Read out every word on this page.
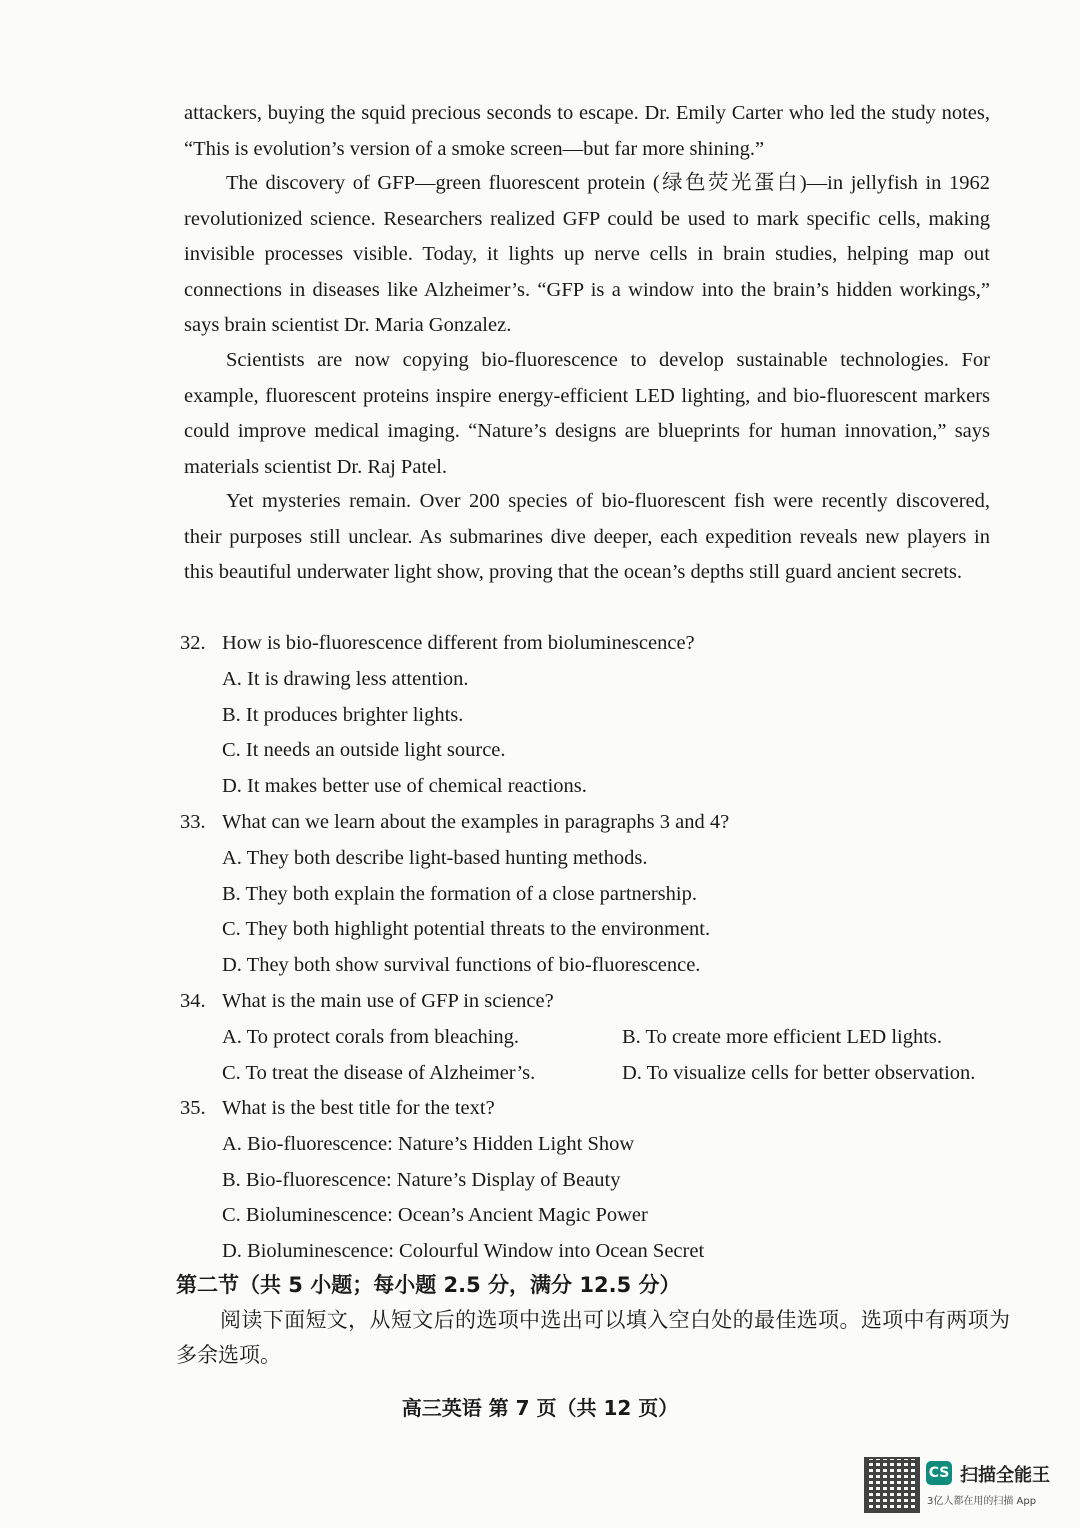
attackers, buying the squid precious seconds to escape. Dr. Emily Carter who led the study notes, “This is evolution’s version of a smoke screen—but far more shining.”
The discovery of GFP—green fluorescent protein (绿色荧光蛋白)—in jellyfish in 1962 revolutionized science. Researchers realized GFP could be used to mark specific cells, making invisible processes visible. Today, it lights up nerve cells in brain studies, helping map out connections in diseases like Alzheimer’s. “GFP is a window into the brain’s hidden workings,” says brain scientist Dr. Maria Gonzalez.
Scientists are now copying bio-fluorescence to develop sustainable technologies. For example, fluorescent proteins inspire energy-efficient LED lighting, and bio-fluorescent markers could improve medical imaging. “Nature’s designs are blueprints for human innovation,” says materials scientist Dr. Raj Patel.
Yet mysteries remain. Over 200 species of bio-fluorescent fish were recently discovered, their purposes still unclear. As submarines dive deeper, each expedition reveals new players in this beautiful underwater light show, proving that the ocean’s depths still guard ancient secrets.
32. How is bio-fluorescence different from bioluminescence?
A. It is drawing less attention.
B. It produces brighter lights.
C. It needs an outside light source.
D. It makes better use of chemical reactions.
33. What can we learn about the examples in paragraphs 3 and 4?
A. They both describe light-based hunting methods.
B. They both explain the formation of a close partnership.
C. They both highlight potential threats to the environment.
D. They both show survival functions of bio-fluorescence.
34. What is the main use of GFP in science?
A. To protect corals from bleaching.	B. To create more efficient LED lights.
C. To treat the disease of Alzheimer’s.	D. To visualize cells for better observation.
35. What is the best title for the text?
A. Bio-fluorescence: Nature’s Hidden Light Show
B. Bio-fluorescence: Nature’s Display of Beauty
C. Bioluminescence: Ocean’s Ancient Magic Power
D. Bioluminescence: Colourful Window into Ocean Secret
第二节（共 5 小题；每小题 2.5 分，满分 12.5 分）
阅读下面短文，从短文后的选项中选出可以填入空白处的最佳选项。选项中有两项为多余选项。
高三英语 第 7 页（共 12 页）
CS 扫描全能王
3亿人都在用的扫描 App
